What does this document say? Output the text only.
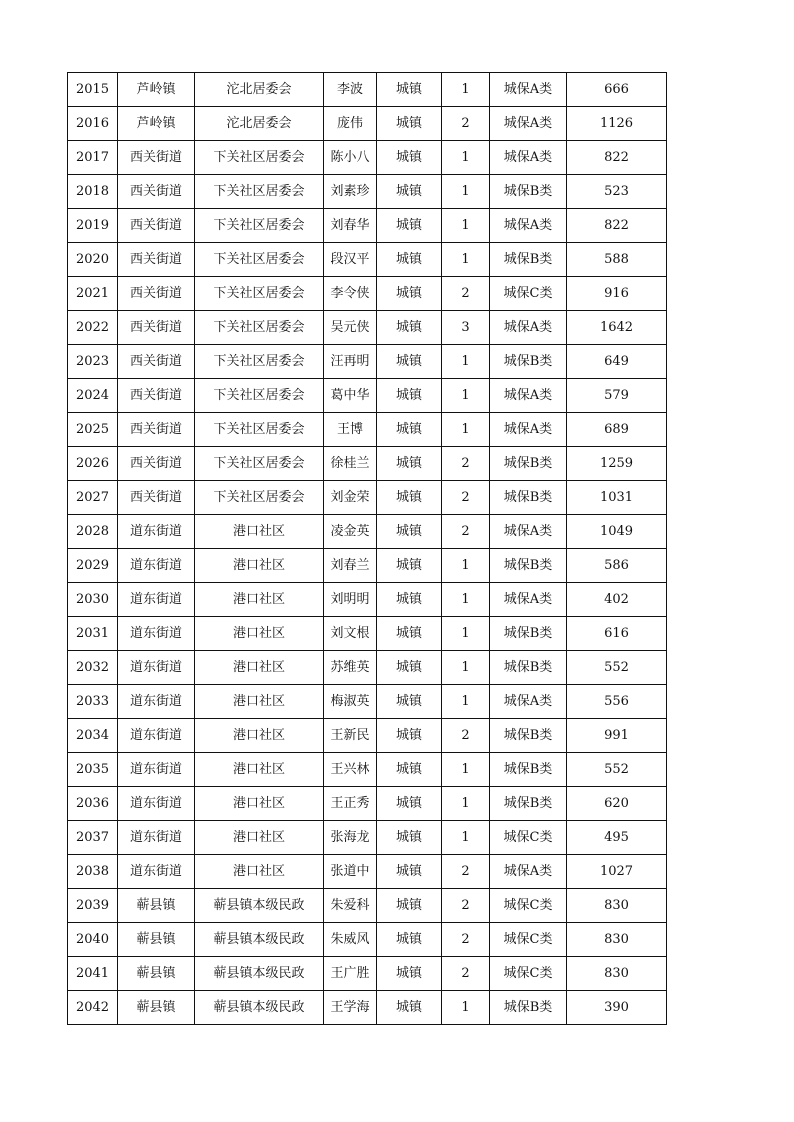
2015	芦岭镇	沱北居委会	李波	城镇	1	城保A类	666
2016	芦岭镇	沱北居委会	庞伟	城镇	2	城保A类	1126
2017	西关街道	下关社区居委会	陈小八	城镇	1	城保A类	822
2018	西关街道	下关社区居委会	刘素珍	城镇	1	城保B类	523
2019	西关街道	下关社区居委会	刘春华	城镇	1	城保A类	822
2020	西关街道	下关社区居委会	段汉平	城镇	1	城保B类	588
2021	西关街道	下关社区居委会	李令侠	城镇	2	城保C类	916
2022	西关街道	下关社区居委会	吴元侠	城镇	3	城保A类	1642
2023	西关街道	下关社区居委会	汪再明	城镇	1	城保B类	649
2024	西关街道	下关社区居委会	葛中华	城镇	1	城保A类	579
2025	西关街道	下关社区居委会	王博	城镇	1	城保A类	689
2026	西关街道	下关社区居委会	徐桂兰	城镇	2	城保B类	1259
2027	西关街道	下关社区居委会	刘金荣	城镇	2	城保B类	1031
2028	道东街道	港口社区	凌金英	城镇	2	城保A类	1049
2029	道东街道	港口社区	刘春兰	城镇	1	城保B类	586
2030	道东街道	港口社区	刘明明	城镇	1	城保A类	402
2031	道东街道	港口社区	刘文根	城镇	1	城保B类	616
2032	道东街道	港口社区	苏维英	城镇	1	城保B类	552
2033	道东街道	港口社区	梅淑英	城镇	1	城保A类	556
2034	道东街道	港口社区	王新民	城镇	2	城保B类	991
2035	道东街道	港口社区	王兴林	城镇	1	城保B类	552
2036	道东街道	港口社区	王正秀	城镇	1	城保B类	620
2037	道东街道	港口社区	张海龙	城镇	1	城保C类	495
2038	道东街道	港口社区	张道中	城镇	2	城保A类	1027
2039	蕲县镇	蕲县镇本级民政	朱爱科	城镇	2	城保C类	830
2040	蕲县镇	蕲县镇本级民政	朱威风	城镇	2	城保C类	830
2041	蕲县镇	蕲县镇本级民政	王广胜	城镇	2	城保C类	830
2042	蕲县镇	蕲县镇本级民政	王学海	城镇	1	城保B类	390
